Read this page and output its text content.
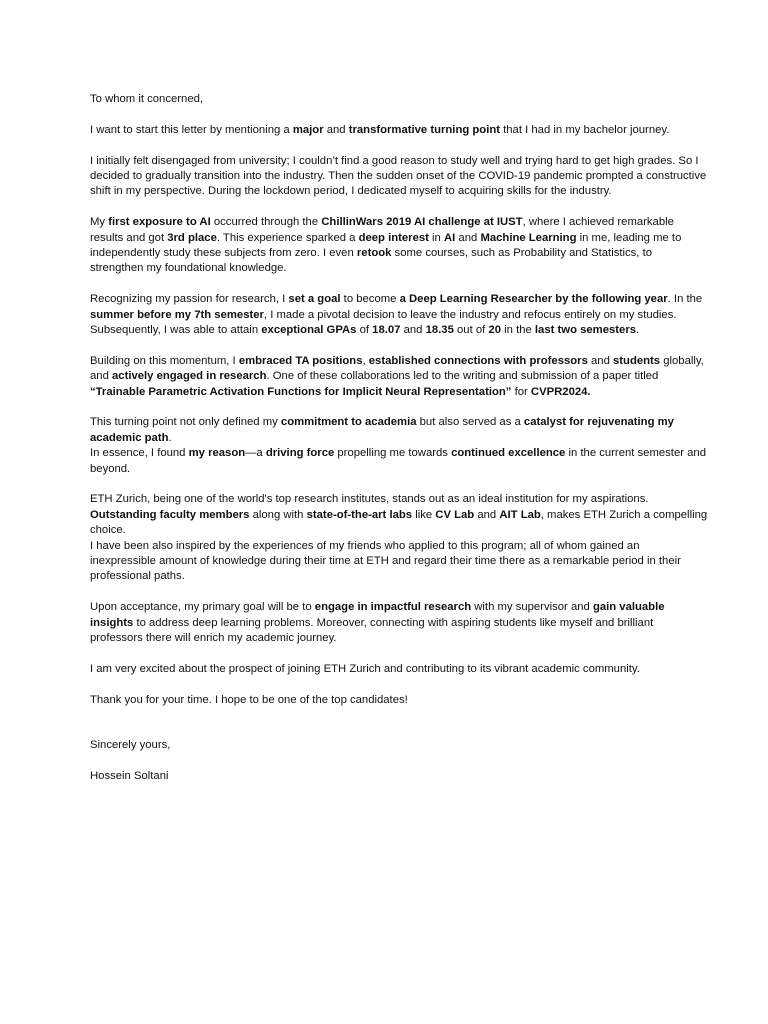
To whom it concerned,

I want to start this letter by mentioning a major and transformative turning point that I had in my bachelor journey.

I initially felt disengaged from university; I couldn’t find a good reason to study well and trying hard to get high grades. So I decided to gradually transition into the industry. Then the sudden onset of the COVID-19 pandemic prompted a constructive shift in my perspective. During the lockdown period, I dedicated myself to acquiring skills for the industry.

My first exposure to AI occurred through the ChillinWars 2019 AI challenge at IUST, where I achieved remarkable results and got 3rd place. This experience sparked a deep interest in AI and Machine Learning in me, leading me to independently study these subjects from zero. I even retook some courses, such as Probability and Statistics, to strengthen my foundational knowledge.

Recognizing my passion for research, I set a goal to become a Deep Learning Researcher by the following year. In the summer before my 7th semester, I made a pivotal decision to leave the industry and refocus entirely on my studies. Subsequently, I was able to attain exceptional GPAs of 18.07 and 18.35 out of 20 in the last two semesters.

Building on this momentum, I embraced TA positions, established connections with professors and students globally, and actively engaged in research. One of these collaborations led to the writing and submission of a paper titled “Trainable Parametric Activation Functions for Implicit Neural Representation” for CVPR2024.

This turning point not only defined my commitment to academia but also served as a catalyst for rejuvenating my academic path.

In essence, I found my reason—a driving force propelling me towards continued excellence in the current semester and beyond.

ETH Zurich, being one of the world's top research institutes, stands out as an ideal institution for my aspirations.

Outstanding faculty members along with state-of-the-art labs like CV Lab and AIT Lab, makes ETH Zurich a compelling choice.

I have been also inspired by the experiences of my friends who applied to this program; all of whom gained an inexpressible amount of knowledge during their time at ETH and regard their time there as a remarkable period in their professional paths.

Upon acceptance, my primary goal will be to engage in impactful research with my supervisor and gain valuable insights to address deep learning problems. Moreover, connecting with aspiring students like myself and brilliant professors there will enrich my academic journey.

I am very excited about the prospect of joining ETH Zurich and contributing to its vibrant academic community.

Thank you for your time. I hope to be one of the top candidates!

Sincerely yours,

Hossein Soltani
